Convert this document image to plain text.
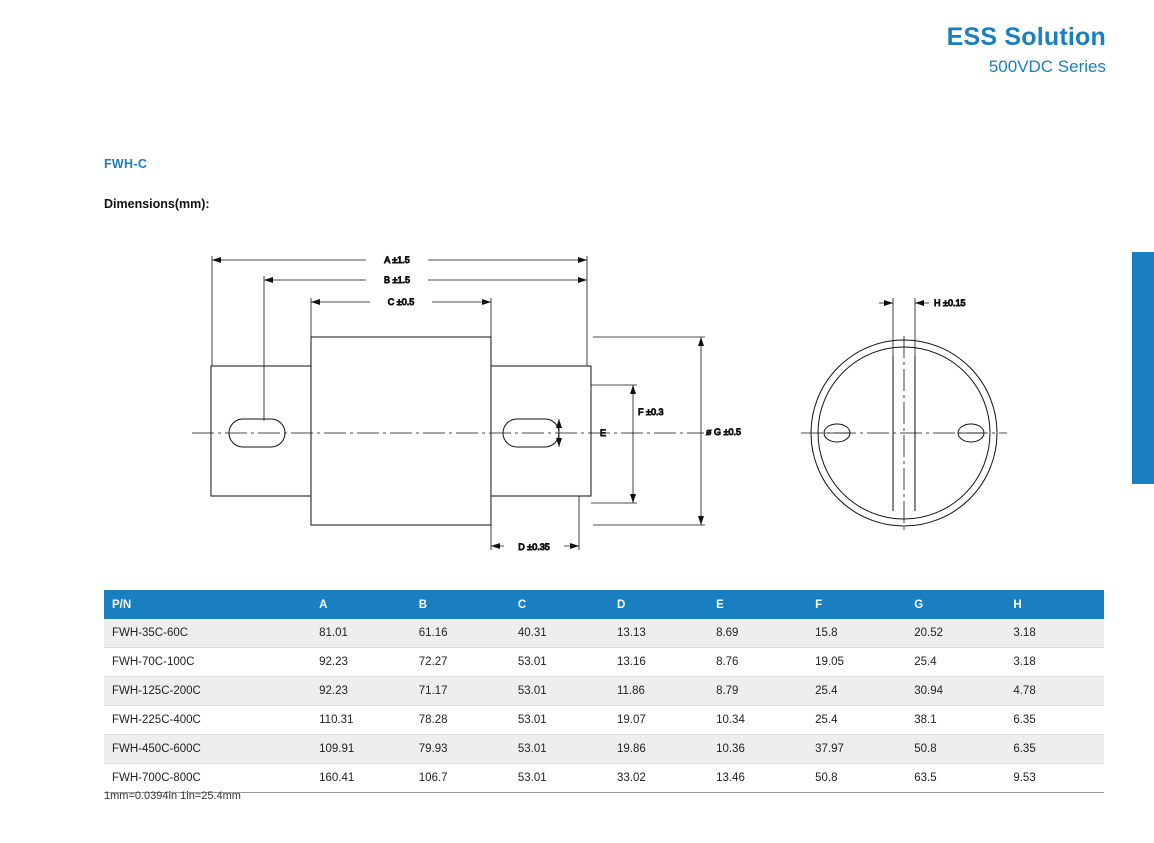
ESS Solution
500VDC Series
FWH-C
Dimensions(mm):
A ±1.5
B ±1.5
C ±0.5
D ±0.35
E
F ±0.3
ø G ±0.5
H ±0.15
P/N	A	B	C	D	E	F	G	H
FWH-35C-60C	81.01	61.16	40.31	13.13	8.69	15.8	20.52	3.18
FWH-70C-100C	92.23	72.27	53.01	13.16	8.76	19.05	25.4	3.18
FWH-125C-200C	92.23	71.17	53.01	11.86	8.79	25.4	30.94	4.78
FWH-225C-400C	110.31	78.28	53.01	19.07	10.34	25.4	38.1	6.35
FWH-450C-600C	109.91	79.93	53.01	19.86	10.36	37.97	50.8	6.35
FWH-700C-800C	160.41	106.7	53.01	33.02	13.46	50.8	63.5	9.53
1mm=0.0394in 1in=25.4mm
